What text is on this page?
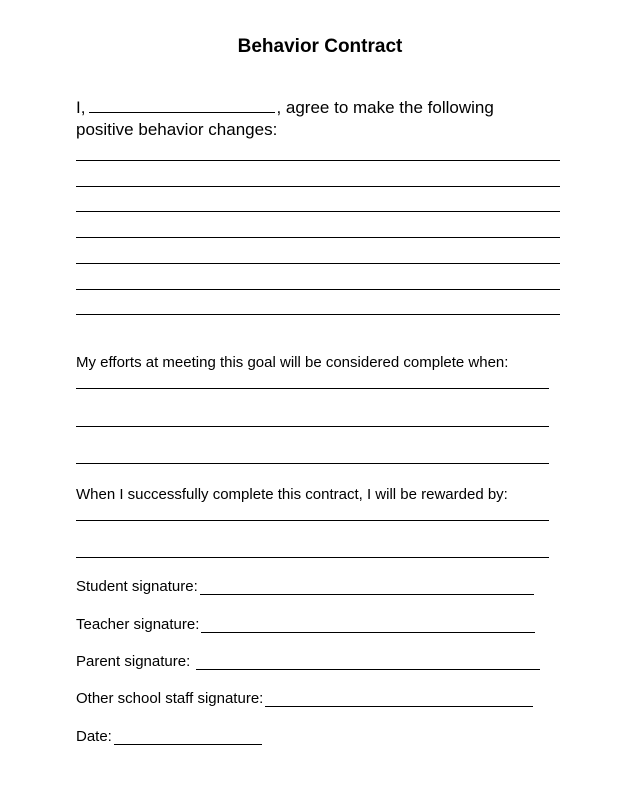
Behavior Contract
I,	, agree to make the following
positive behavior changes:
My efforts at meeting this goal will be considered complete when:
When I successfully complete this contract, I will be rewarded by:
Student signature:
Teacher signature:
Parent signature:
Other school staff signature:
Date:
